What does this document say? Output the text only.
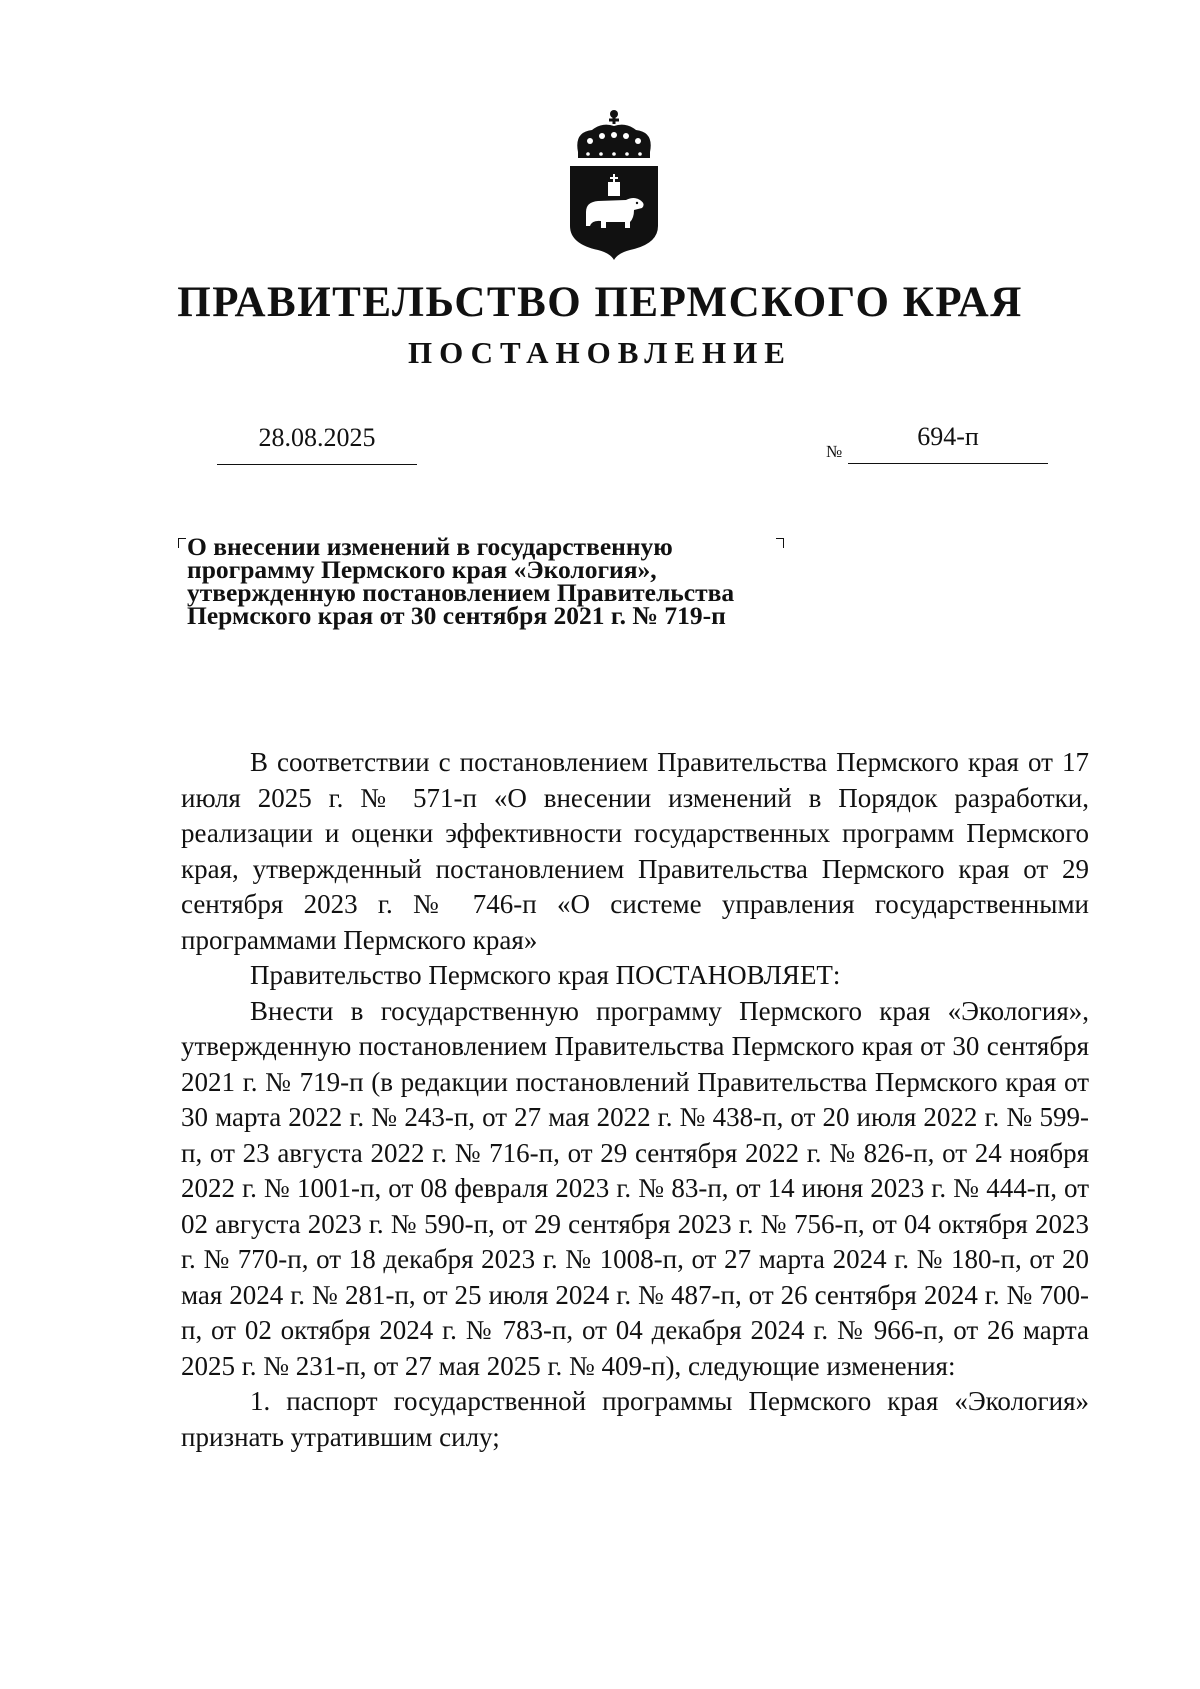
ПРАВИТЕЛЬСТВО ПЕРМСКОГО КРАЯ
ПОСТАНОВЛЕНИЕ
28.08.2025	№
694-п
О внесении изменений в государственную
программу Пермского края «Экология»,
утвержденную постановлением Правительства
Пермского края от 30 сентября 2021 г. № 719-п

В соответствии с постановлением Правительства Пермского края от 17 июля 2025 г. № 571-п «О внесении изменений в Порядок разработки, реализации и оценки эффективности государственных программ Пермского края, утвержденный постановлением Правительства Пермского края от 29 сентября 2023 г. № 746-п «О системе управления государственными программами Пермского края»

Правительство Пермского края ПОСТАНОВЛЯЕТ:

Внести в государственную программу Пермского края «Экология», утвержденную постановлением Правительства Пермского края от 30 сентября 2021 г. № 719-п (в редакции постановлений Правительства Пермского края от 30 марта 2022 г. № 243-п, от 27 мая 2022 г. № 438-п, от 20 июля 2022 г. № 599-п, от 23 августа 2022 г. № 716-п, от 29 сентября 2022 г. № 826-п, от 24 ноября 2022 г. № 1001-п, от 08 февраля 2023 г. № 83-п, от 14 июня 2023 г. № 444-п, от 02 августа 2023 г. № 590-п, от 29 сентября 2023 г. № 756-п, от 04 октября 2023 г. № 770-п, от 18 декабря 2023 г. № 1008-п, от 27 марта 2024 г. № 180-п, от 20 мая 2024 г. № 281-п, от 25 июля 2024 г. № 487-п, от 26 сентября 2024 г. № 700-п, от 02 октября 2024 г. № 783-п, от 04 декабря 2024 г. № 966-п, от 26 марта 2025 г. № 231-п, от 27 мая 2025 г. № 409-п), следующие изменения:

1. паспорт государственной программы Пермского края «Экология» признать утратившим силу;
